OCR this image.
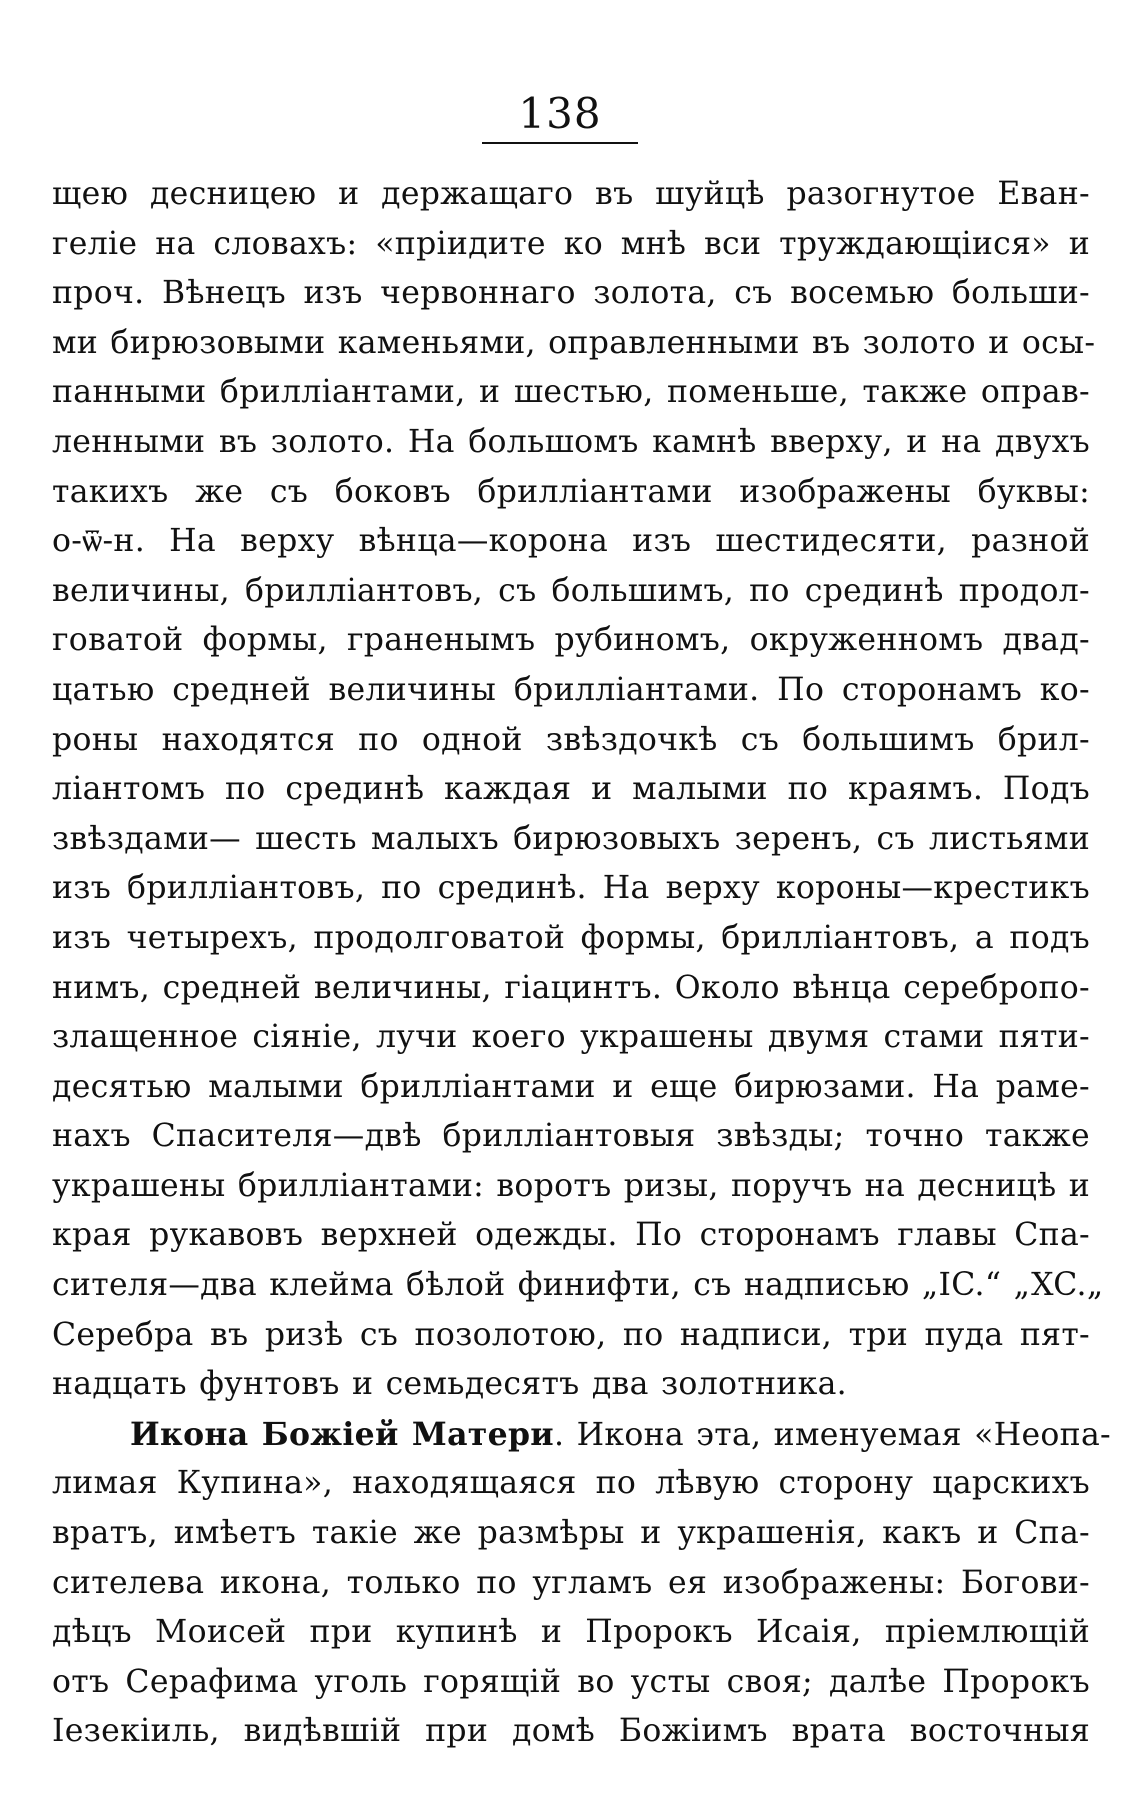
138
щею десницею и держащаго въ шуйцѣ разогнутое Еван-
геліе на словахъ: «пріидите ко мнѣ вси труждающіися» и
проч. Вѣнецъ изъ червоннаго золота, съ восемью больши-
ми бирюзовыми каменьями, оправленными въ золото и осы-
панными бриллiантами, и шестью, поменьше, также оправ-
ленными въ золото. На большомъ камнѣ вверху, и на двухъ
такихъ же съ боковъ бриллiантами изображены буквы:
о-ѿ-н. На верху вѣнца—корона изъ шестидесяти, разной
величины, бриллiантовъ, съ большимъ, по срединѣ продол-
говатой формы, граненымъ рубиномъ, окруженномъ двад-
цатью средней величины бриллiантами. По сторонамъ ко-
роны находятся по одной звѣздочкѣ съ большимъ брил-
лiантомъ по срединѣ каждая и малыми по краямъ. Подъ
звѣздами— шесть малыхъ бирюзовыхъ зеренъ, съ листьями
изъ бриллiантовъ, по срединѣ. На верху короны—крестикъ
изъ четырехъ, продолговатой формы, бриллiантовъ, а подъ
нимъ, средней величины, гіацинтъ. Около вѣнца серебропо-
злащенное сіяніе, лучи коего украшены двумя стами пяти-
десятью малыми бриллiантами и еще бирюзами. На раме-
нахъ Спасителя—двѣ бриллiантовыя звѣзды; точно также
украшены бриллiантами: воротъ ризы, поручъ на десницѣ и
края рукавовъ верхней одежды. По сторонамъ главы Спа-
сителя—два клейма бѣлой финифти, съ надписью „IC.“ „XC.„
Серебра въ ризѣ съ позолотою, по надписи, три пуда пят-
надцать фунтовъ и семьдесятъ два золотника.
Икона Божіей Матери. Икона эта, именуемая «Неопа-
лимая Купина», находящаяся по лѣвую сторону царскихъ
вратъ, имѣетъ такіе же размѣры и украшенія, какъ и Спа-
ситeлева икона, только по угламъ ея изображены: Богови-
дѣцъ Моисей при купинѣ и Пророкъ Исаія, пріемлющій
отъ Серафима уголь горящій во усты своя; далѣе Пророкъ
Iезекiиль, видѣвшiй при домѣ Божiимъ врата восточныя
